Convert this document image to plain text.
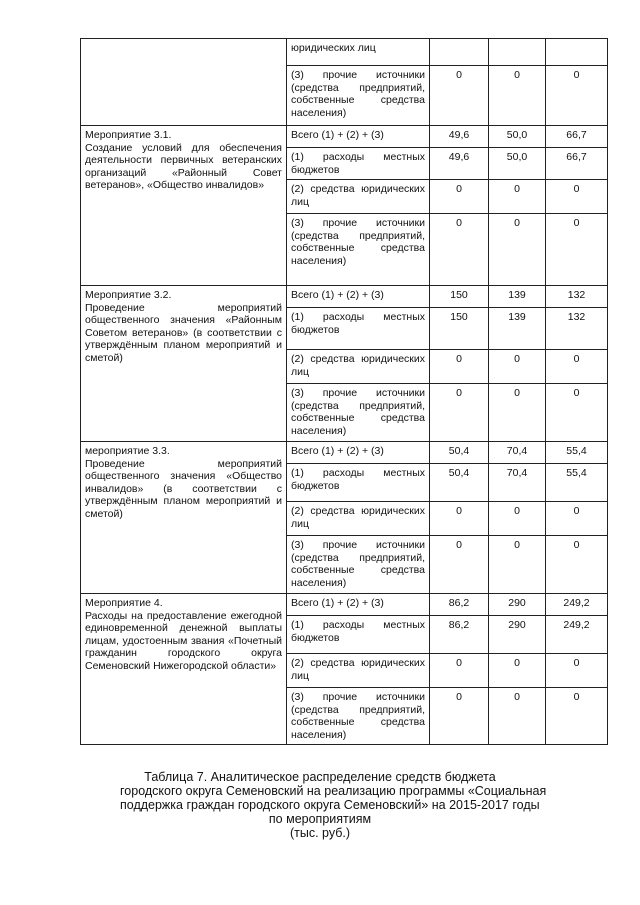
	юридических лиц			
	(3) прочие источники (средства предприятий, собственные средства населения)	0	0	0

Мероприятие 3.1.
Создание условий для обеспечения деятельности первичных ветеранских организаций «Районный Совет ветеранов», «Общество инвалидов»	Всего (1) + (2) + (3)	49,6	50,0	66,7
	(1) расходы местных бюджетов	49,6	50,0	66,7
	(2) средства юридических лиц	0	0	0
	(3) прочие источники (средства предприятий, собственные средства населения)	0	0	0

Мероприятие 3.2.
Проведение мероприятий общественного значения «Районным Советом ветеранов» (в соответствии с утверждённым планом мероприятий и сметой)	Всего (1) + (2) + (3)	150	139	132
	(1) расходы местных бюджетов	150	139	132
	(2) средства юридических лиц	0	0	0
	(3) прочие источники (средства предприятий, собственные средства населения)	0	0	0

мероприятие 3.3.
Проведение мероприятий общественного значения «Общество инвалидов» (в соответствии с утверждённым планом мероприятий и сметой)	Всего (1) + (2) + (3)	50,4	70,4	55,4
	(1) расходы местных бюджетов	50,4	70,4	55,4
	(2) средства юридических лиц	0	0	0
	(3) прочие источники (средства предприятий, собственные средства населения)	0	0	0

Мероприятие 4.
Расходы на предоставление ежегодной единовременной денежной выплаты лицам, удостоенным звания «Почетный гражданин городского округа Семеновский Нижегородской области»	Всего (1) + (2) + (3)	86,2	290	249,2
	(1) расходы местных бюджетов	86,2	290	249,2
	(2) средства юридических лиц	0	0	0
	(3) прочие источники (средства предприятий, собственные средства населения)	0	0	0
Таблица 7. Аналитическое распределение средств бюджета
городского округа Семеновский на реализацию программы «Социальная
поддержка граждан городского округа Семеновский» на 2015-2017 годы
по мероприятиям
(тыс. руб.)
